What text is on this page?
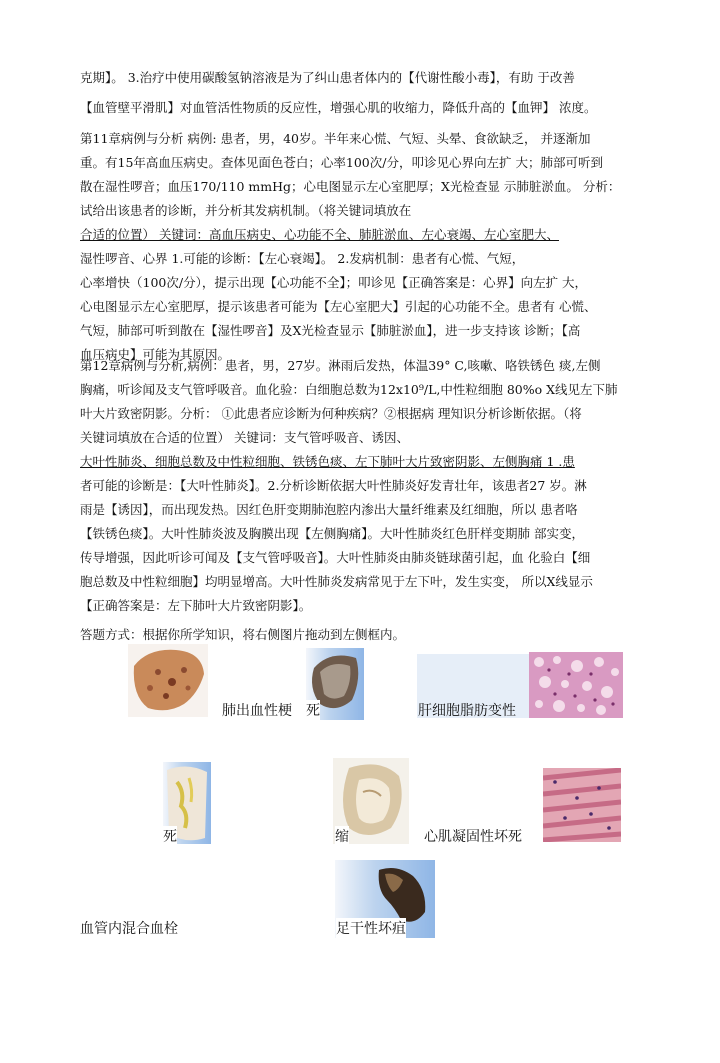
克期】。 3.治疗中使用碳酸氢钠溶液是为了纠山患者体内的【代谢性酸小毒】，有助 于改善
【血管壁平滑肌】对血管活性物质的反应性，增强心肌的收缩力，降低升高的【血钾】 浓度。
第11章病例与分析 病例: 患者，男，40岁。半年来心慌、气短、头晕、食欲缺乏， 并逐渐加
重。有15年高血压病史。查体见面色苍白；心率100次/分，叩诊见心界向左扩 大；肺部可听到
散在湿性啰音；血压170/110 mmHg；心电图显示左心室肥厚；X光检查显 示肺脏淤血。 分析：
试给出该患者的诊断，并分析其发病机制。（将关键词填放在
合适的位置） 关键词：高血压病史、心功能不全、肺脏淤血、左心衰竭、左心室肥大、
湿性啰音、心界 1.可能的诊断：【左心衰竭】。 2.发病机制：患者有心慌、气短，
心率增快（100次/分），提示出现【心功能不全】；叩诊见【正确答案是：心界】向左扩 大，
心电图显示左心室肥厚，提示该患者可能为【左心室肥大】引起的心功能不全。患者有 心慌、
气短，肺部可听到散在【湿性啰音】及X光检查显示【肺脏淤血】，进一步支持该 诊断；【高
血压病史】可能为其原因。
第12章病例与分析,病例：患者，男，27岁。淋雨后发热，体温39° C,咳嗽、咯铁锈色 痰,左侧
胸痛，听诊闻及支气管呼吸音。血化验：白细胞总数为12x10⁹/L,中性粒细胞 80%o X线见左下肺
叶大片致密阴影。分析： ①此患者应诊断为何种疾病？②根据病 理知识分析诊断依据。（将
关键词填放在合适的位置） 关键词：支气管呼吸音、诱因、
大叶性肺炎、细胞总数及中性粒细胞、铁锈色痰、左下肺叶大片致密阴影、左侧胸痛 1 .患
者可能的诊断是：【大叶性肺炎】。2.分析诊断依据大叶性肺炎好发青壮年，该患者27 岁。淋
雨是【诱因】，而出现发热。因红色肝变期肺泡腔内渗出大量纤维素及红细胞，所以 患者咯
【铁锈色痰】。大叶性肺炎波及胸膜出现【左侧胸痛】。大叶性肺炎红色肝样变期肺 部实变，
传导增强，因此听诊可闻及【支气管呼吸音】。大叶性肺炎由肺炎链球菌引起，血 化验白【细
胞总数及中性粒细胞】均明显增高。大叶性肺炎发病常见于左下叶，发生实变， 所以X线显示
【正确答案是：左下肺叶大片致密阴影】。
答题方式：根据你所学知识，将右侧图片拖动到左侧框内。
肺出血性梗 死	肝细胞脂肪变性
死	缩	心肌凝固性坏死
血管内混合血栓	足干性坏疽
